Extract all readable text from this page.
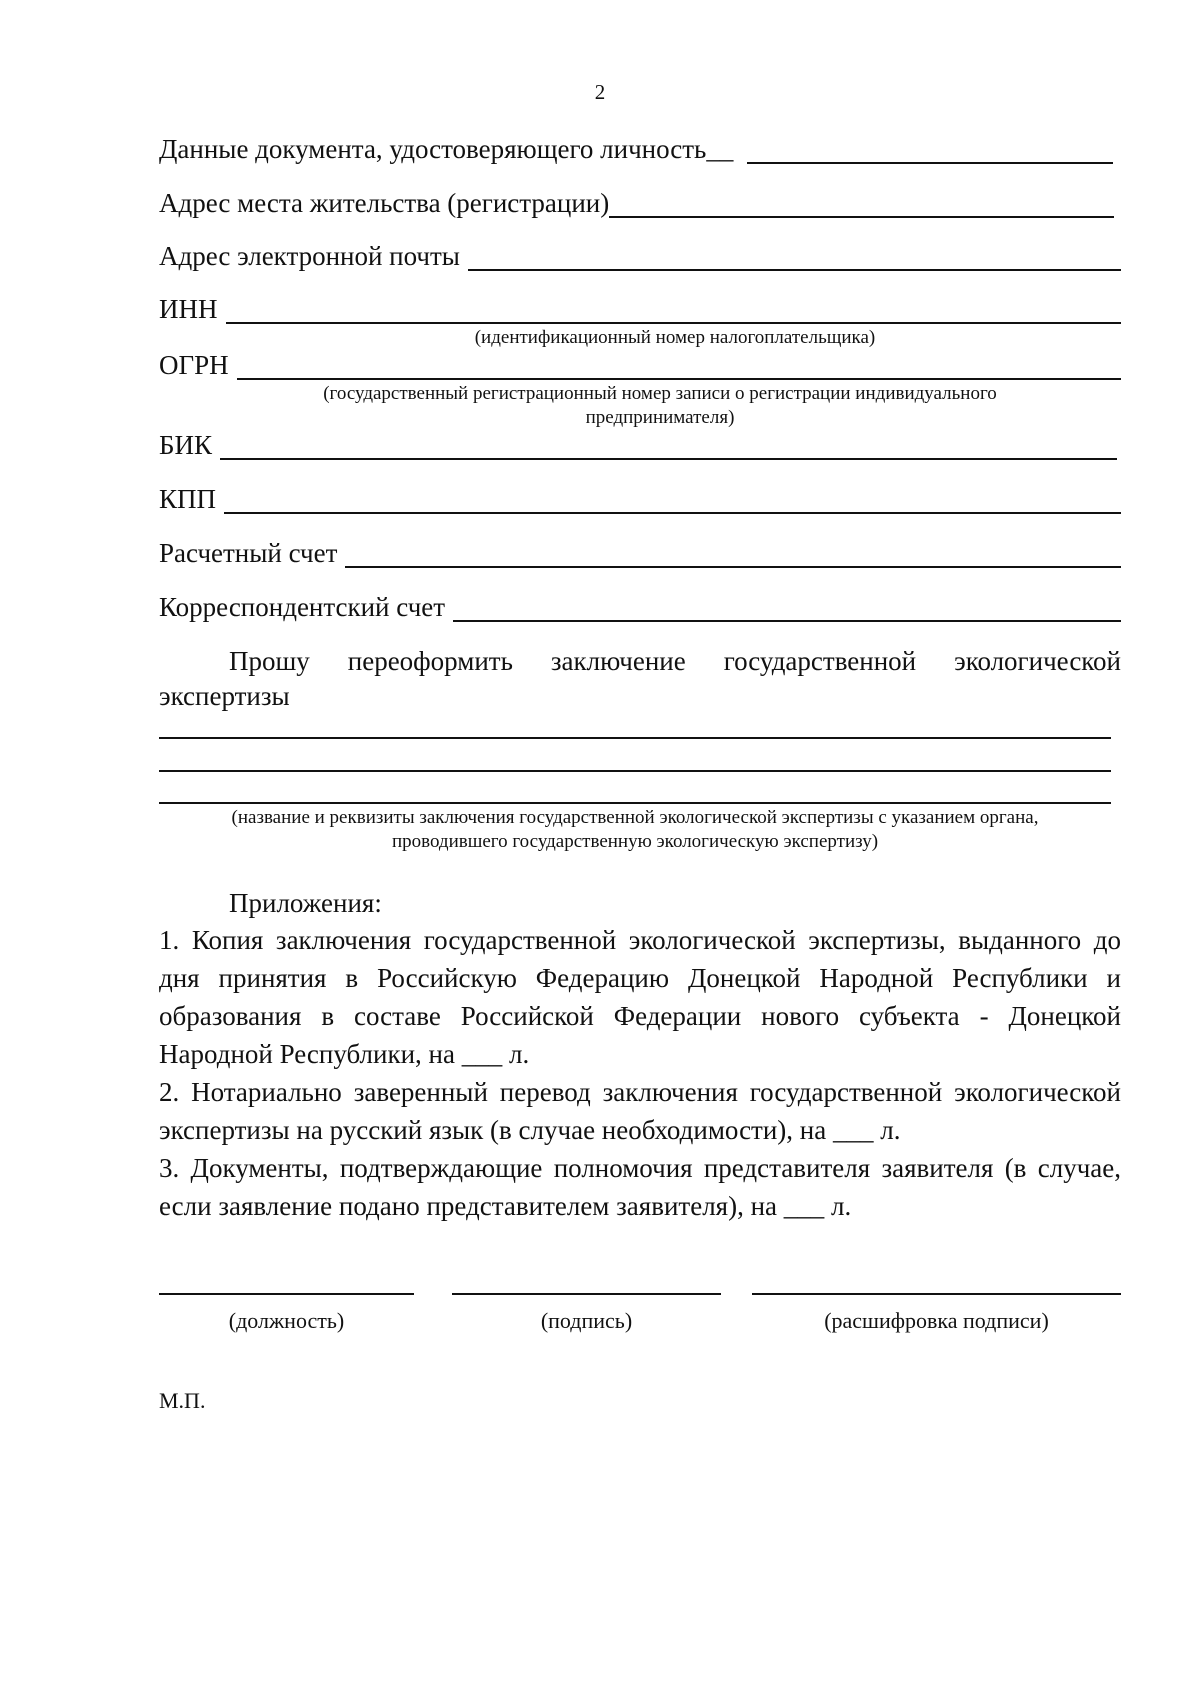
2
Данные документа, удостоверяющего личность__
Адрес места жительства (регистрации)
Адрес электронной почты
ИНН
(идентификационный номер налогоплательщика)
ОГРН
(государственный регистрационный номер записи о регистрации индивидуального
предпринимателя)
БИК
КПП
Расчетный счет
Корреспондентский счет
Прошу переоформить заключение государственной экологической
экспертизы
(название и реквизиты заключения государственной экологической экспертизы с указанием органа,
проводившего государственную экологическую экспертизу)
Приложения:
1. Копия заключения государственной экологической экспертизы, выданного до дня принятия в Российскую Федерацию Донецкой Народной Республики и образования в составе Российской Федерации нового субъекта - Донецкой Народной Республики, на ___ л.
2. Нотариально заверенный перевод заключения государственной экологической экспертизы на русский язык (в случае необходимости), на ___ л.
3. Документы, подтверждающие полномочия представителя заявителя (в случае, если заявление подано представителем заявителя), на ___ л.
(должность)	(подпись)	(расшифровка подписи)
М.П.
